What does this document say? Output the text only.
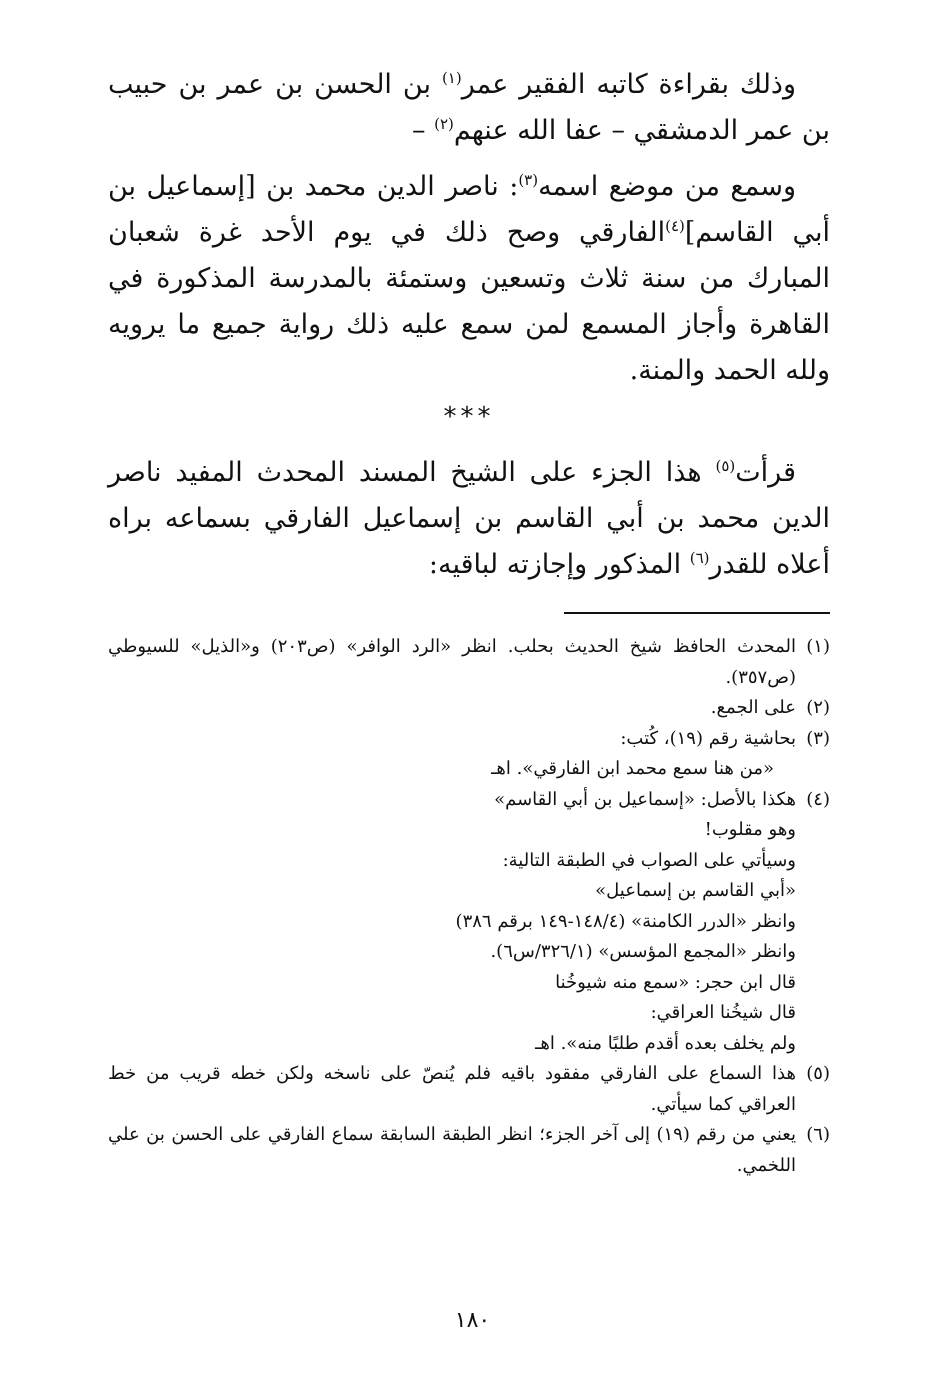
وذلك بقراءة كاتبه الفقير عمر$^{(١)}$ بن الحسن بن عمر بن حبيب بن عمر الدمشقي – عفا الله عنهم$^{(٢)}$ –

وسمع من موضع اسمه$^{(٣)}$: ناصر الدين محمد بن [إسماعيل بن أبي القاسم]$^{(٤)}$الفارقي وصح ذلك في يوم الأحد غرة شعبان المبارك من سنة ثلاث وتسعين وستمئة بالمدرسة المذكورة في القاهرة وأجاز المسمع لمن سمع عليه ذلك رواية جميع ما يرويه ولله الحمد والمنة.

***

قرأت$^{(٥)}$ هذا الجزء على الشيخ المسند المحدث المفيد ناصر الدين محمد بن أبي القاسم بن إسماعيل الفارقي بسماعه براه أعلاه للقدر$^{(٦)}$ المذكور وإجازته لباقيه:

(١)
المحدث الحافظ شيخ الحديث بحلب. انظر «الرد الوافر» (ص٢٠٣) و«الذيل» للسيوطي (ص٣٥٧).
(٢)
على الجمع.
(٣)
بحاشية رقم (١٩)، كُتب:
«من هنا سمع محمد ابن الفارقي». اهـ
(٤)
هكذا بالأصل: «إسماعيل بن أبي القاسم»
وهو مقلوب!
وسيأتي على الصواب في الطبقة التالية:
«أبي القاسم بن إسماعيل»
وانظر «الدرر الكامنة» (١٤٨/٤-١٤٩ برقم ٣٨٦)
وانظر «المجمع المؤسس» (٣٢٦/١/س٦).
قال ابن حجر: «سمع منه شيوخُنا
قال شيخُنا العراقي:
ولم يخلف بعده أقدم طلبًا منه». اهـ
(٥)
هذا السماع على الفارقي مفقود باقيه فلم يُنصّ على ناسخه ولكن خطه قريب من خط العراقي كما سيأتي.
(٦)
يعني من رقم (١٩) إلى آخر الجزء؛ انظر الطبقة السابقة سماع الفارقي على الحسن بن علي اللخمي.
١٨٠
